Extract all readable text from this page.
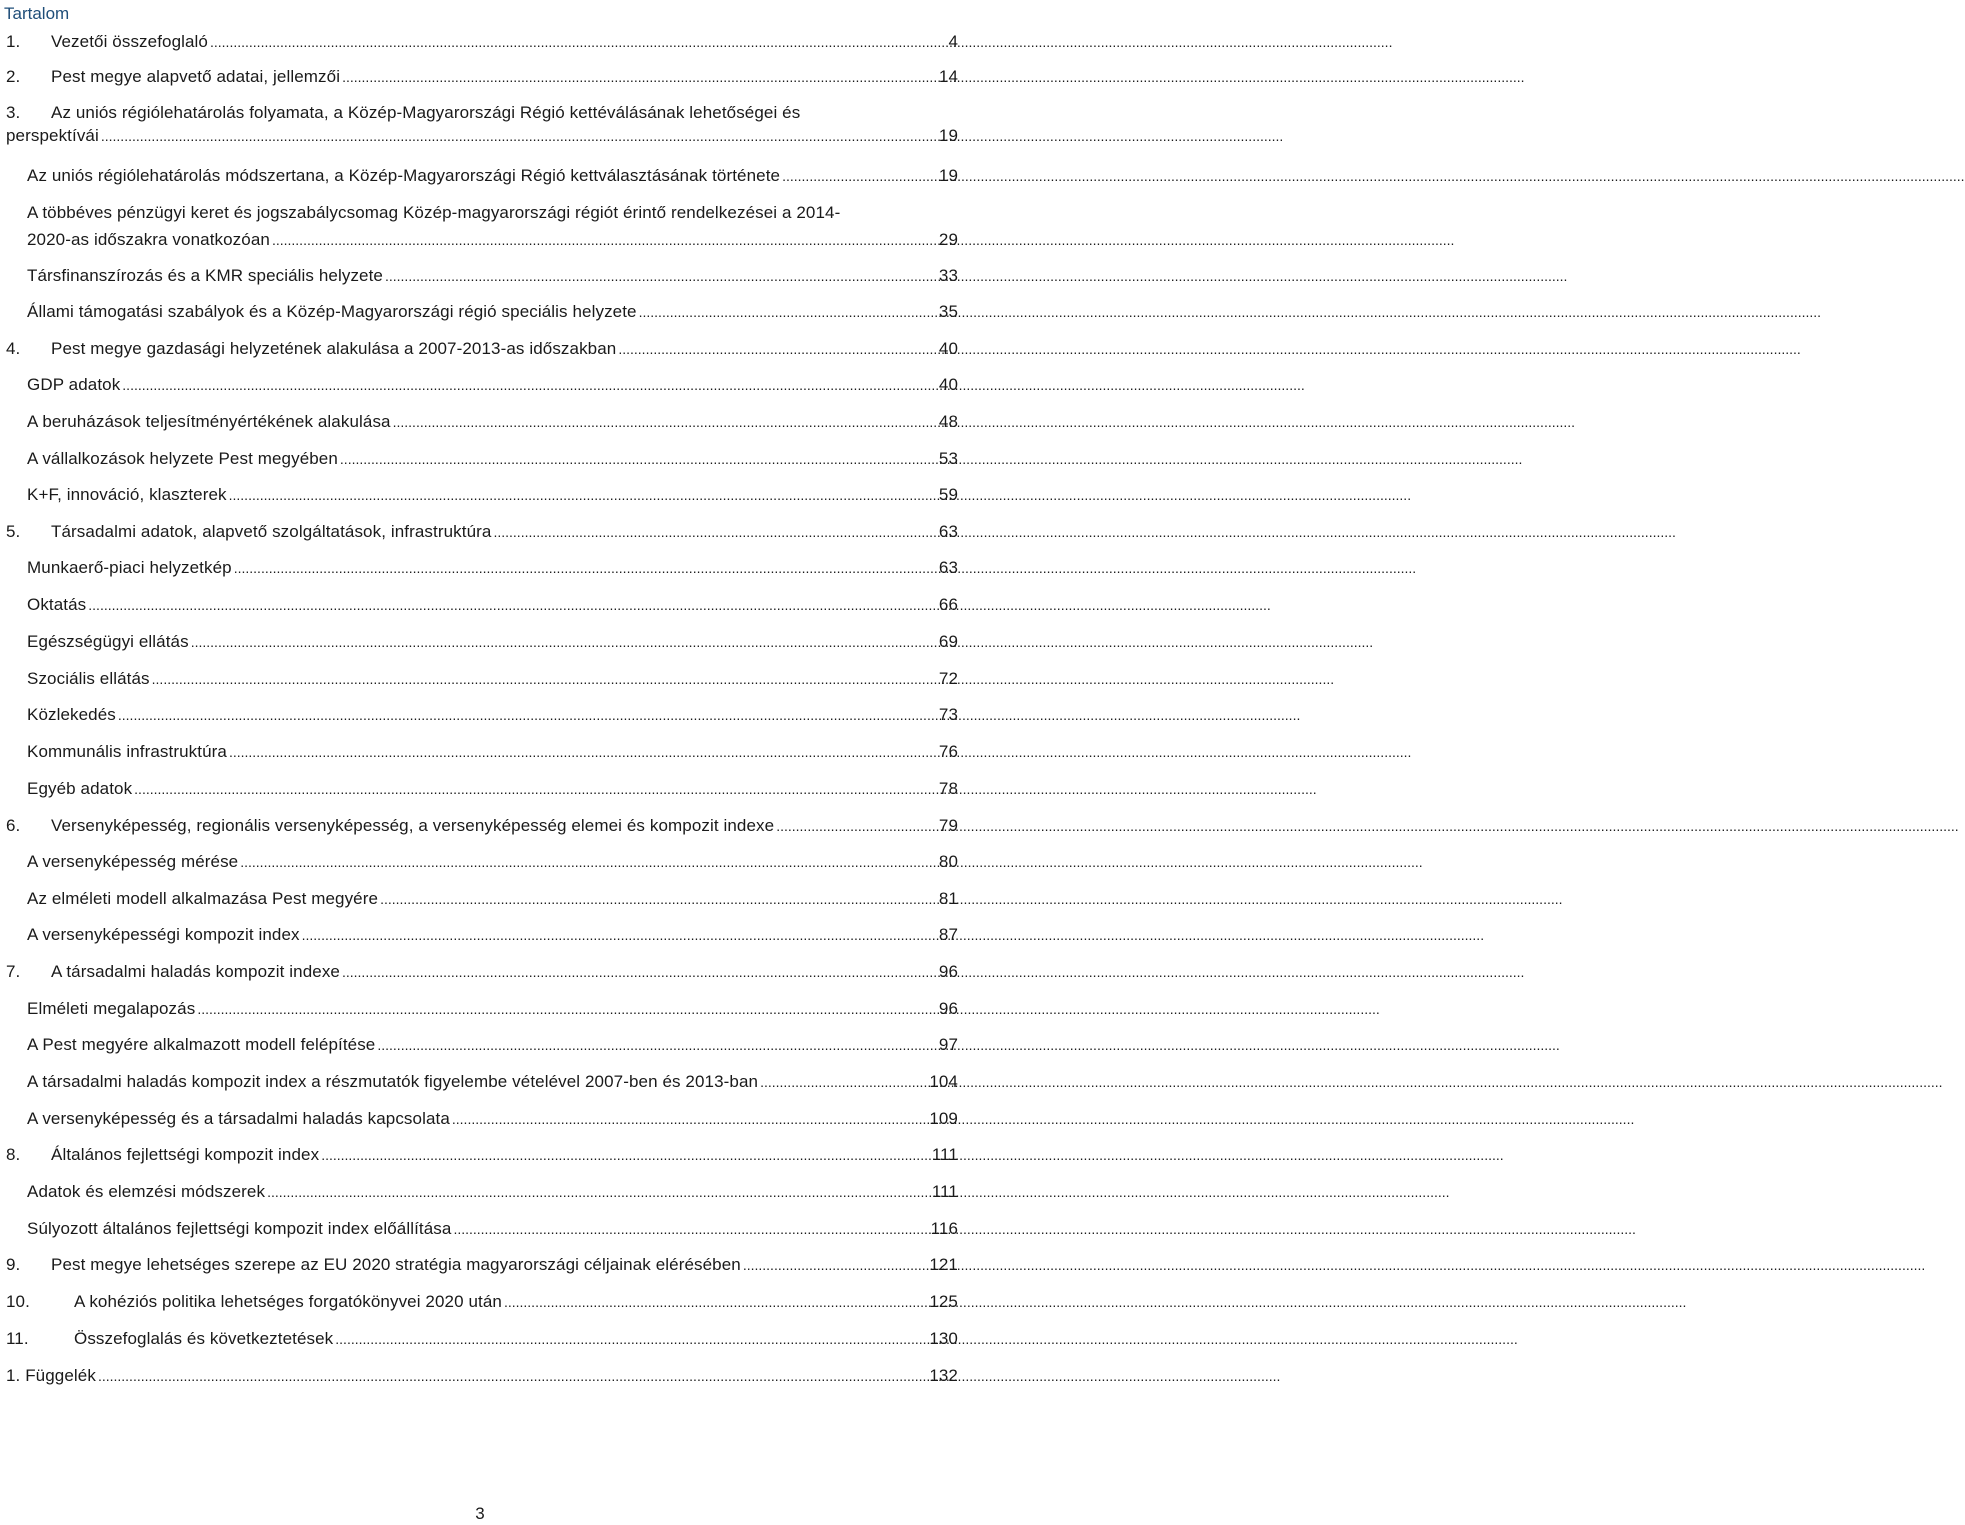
Tartalom
1.	Vezetői összefoglaló .....	4
2.	Pest megye alapvető adatai, jellemzői .....	14
3.	Az uniós régiólehatárolás folyamata, a Közép-Magyarországi Régió kettéválásának lehetőségei és
perspektívái .....	19
Az uniós régiólehatárolás módszertana, a Közép-Magyarországi Régió kettválasztásának története .....	19
A többéves pénzügyi keret és jogszabálycsomag Közép-magyarországi régiót érintő rendelkezései a 2014-
2020-as időszakra vonatkozóan .....	29
Társfinanszírozás és a KMR speciális helyzete .....	33
Állami támogatási szabályok és a Közép-Magyarországi régió speciális helyzete .....	35
4.	Pest megye gazdasági helyzetének alakulása a 2007-2013-as időszakban .....	40
GDP adatok .....	40
A beruházások teljesítményértékének alakulása .....	48
A vállalkozások helyzete Pest megyében .....	53
K+F, innováció, klaszterek .....	59
5.	Társadalmi adatok, alapvető szolgáltatások, infrastruktúra .....	63
Munkaerő-piaci helyzetkép .....	63
Oktatás .....	66
Egészségügyi ellátás .....	69
Szociális ellátás .....	72
Közlekedés .....	73
Kommunális infrastruktúra .....	76
Egyéb adatok .....	78
6.	Versenyképesség, regionális versenyképesség, a versenyképesség elemei és kompozit indexe .....	79
A versenyképesség mérése .....	80
Az elméleti modell alkalmazása Pest megyére .....	81
A versenyképességi kompozit index .....	87
7.	A társadalmi haladás kompozit indexe .....	96
Elméleti megalapozás .....	96
A Pest megyére alkalmazott modell felépítése .....	97
A társadalmi haladás kompozit index a részmutatók figyelembe vételével 2007-ben és 2013-ban .....	104
A versenyképesség és a társadalmi haladás kapcsolata .....	109
8.	Általános fejlettségi kompozit index .....	111
Adatok és elemzési módszerek .....	111
Súlyozott általános fejlettségi kompozit index előállítása .....	116
9.	Pest megye lehetséges szerepe az EU 2020 stratégia magyarországi céljainak elérésében .....	121
10.	A kohéziós politika lehetséges forgatókönyvei 2020 után .....	125
11.	Összefoglalás és következtetések .....	130
1. Függelék .....	132
3
